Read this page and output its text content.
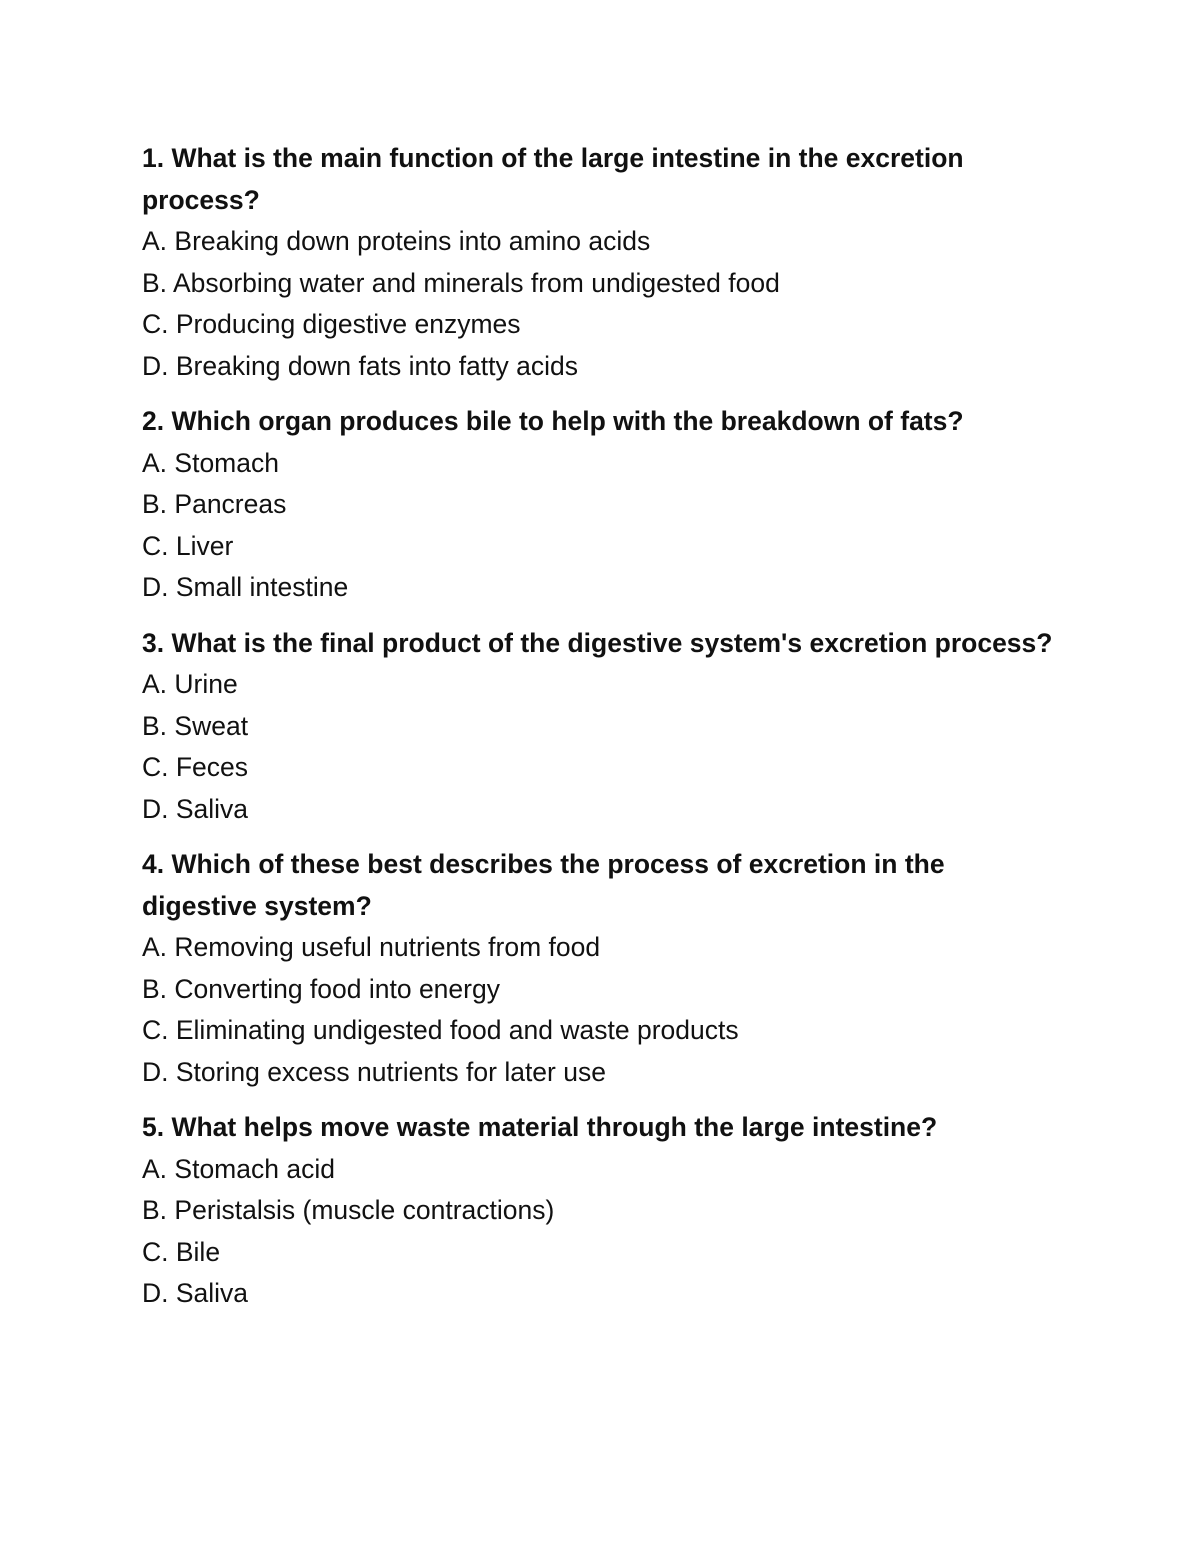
1. What is the main function of the large intestine in the excretion process?

A. Breaking down proteins into amino acids
B. Absorbing water and minerals from undigested food
C. Producing digestive enzymes
D. Breaking down fats into fatty acids

2. Which organ produces bile to help with the breakdown of fats?

A. Stomach
B. Pancreas
C. Liver
D. Small intestine

3. What is the final product of the digestive system's excretion process?

A. Urine
B. Sweat
C. Feces
D. Saliva

4. Which of these best describes the process of excretion in the digestive system?

A. Removing useful nutrients from food
B. Converting food into energy
C. Eliminating undigested food and waste products
D. Storing excess nutrients for later use

5. What helps move waste material through the large intestine?

A. Stomach acid
B. Peristalsis (muscle contractions)
C. Bile
D. Saliva
